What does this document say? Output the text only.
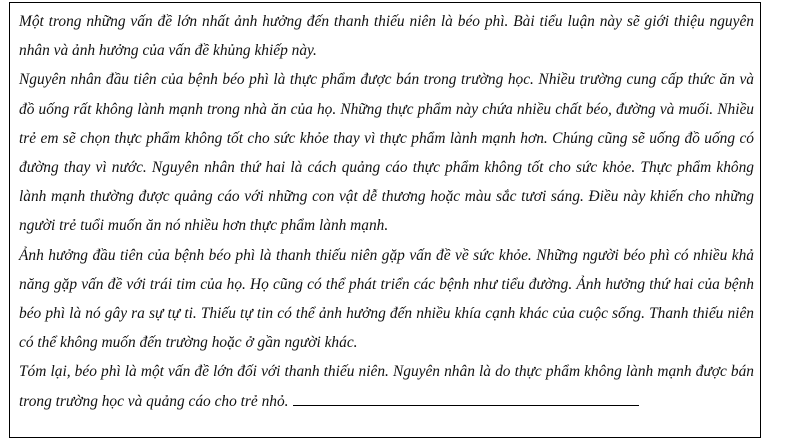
Một trong những vấn đề lớn nhất ảnh hưởng đến thanh thiếu niên là béo phì. Bài tiểu luận này sẽ giới thiệu nguyên nhân và ảnh hưởng của vấn đề khủng khiếp này.

Nguyên nhân đầu tiên của bệnh béo phì là thực phẩm được bán trong trường học. Nhiều trường cung cấp thức ăn và đồ uống rất không lành mạnh trong nhà ăn của họ. Những thực phẩm này chứa nhiều chất béo, đường và muối. Nhiều trẻ em sẽ chọn thực phẩm không tốt cho sức khỏe thay vì thực phẩm lành mạnh hơn. Chúng cũng sẽ uống đồ uống có đường thay vì nước. Nguyên nhân thứ hai là cách quảng cáo thực phẩm không tốt cho sức khỏe. Thực phẩm không lành mạnh thường được quảng cáo với những con vật dễ thương hoặc màu sắc tươi sáng. Điều này khiến cho những người trẻ tuổi muốn ăn nó nhiều hơn thực phẩm lành mạnh.

Ảnh hưởng đầu tiên của bệnh béo phì là thanh thiếu niên gặp vấn đề về sức khỏe. Những người béo phì có nhiều khả năng gặp vấn đề với trái tim của họ. Họ cũng có thể phát triển các bệnh như tiểu đường. Ảnh hưởng thứ hai của bệnh béo phì là nó gây ra sự tự ti. Thiếu tự tin có thể ảnh hưởng đến nhiều khía cạnh khác của cuộc sống. Thanh thiếu niên có thể không muốn đến trường hoặc ở gần người khác.

Tóm lại, béo phì là một vấn đề lớn đối với thanh thiếu niên. Nguyên nhân là do thực phẩm không lành mạnh được bán trong trường học và quảng cáo cho trẻ nhỏ.
